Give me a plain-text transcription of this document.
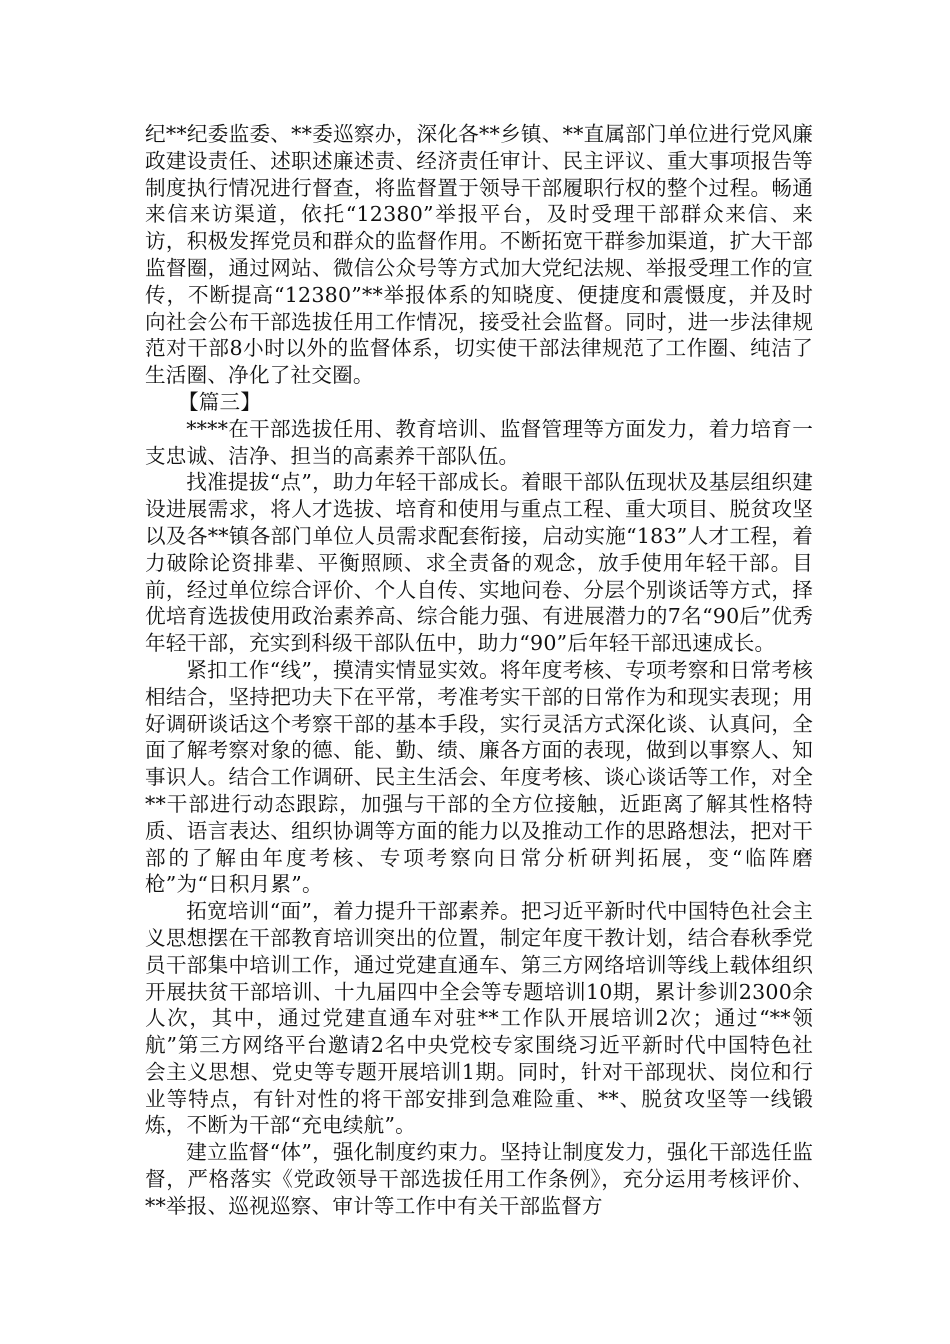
纪**纪委监委、**委巡察办，深化各**乡镇、**直属部门单位进行党风廉政建设责任、述职述廉述责、经济责任审计、民主评议、重大事项报告等制度执行情况进行督查，将监督置于领导干部履职行权的整个过程。畅通来信来访渠道，依托“12380”举报平台，及时受理干部群众来信、来访，积极发挥党员和群众的监督作用。不断拓宽干群参加渠道，扩大干部监督圈，通过网站、微信公众号等方式加大党纪法规、举报受理工作的宣传，不断提高“12380”**举报体系的知晓度、便捷度和震慑度，并及时向社会公布干部选拔任用工作情况，接受社会监督。同时，进一步法律规范对干部8小时以外的监督体系，切实使干部法律规范了工作圈、纯洁了生活圈、净化了社交圈。

【篇三】

****在干部选拔任用、教育培训、监督管理等方面发力，着力培育一支忠诚、洁净、担当的高素养干部队伍。

找准提拔“点”，助力年轻干部成长。着眼干部队伍现状及基层组织建设进展需求，将人才选拔、培育和使用与重点工程、重大项目、脱贫攻坚以及各**镇各部门单位人员需求配套衔接，启动实施“183”人才工程，着力破除论资排辈、平衡照顾、求全责备的观念，放手使用年轻干部。目前，经过单位综合评价、个人自传、实地问卷、分层个别谈话等方式，择优培育选拔使用政治素养高、综合能力强、有进展潜力的7名“90后”优秀年轻干部，充实到科级干部队伍中，助力“90”后年轻干部迅速成长。

紧扣工作“线”，摸清实情显实效。将年度考核、专项考察和日常考核相结合，坚持把功夫下在平常，考准考实干部的日常作为和现实表现；用好调研谈话这个考察干部的基本手段，实行灵活方式深化谈、认真问，全面了解考察对象的德、能、勤、绩、廉各方面的表现，做到以事察人、知事识人。结合工作调研、民主生活会、年度考核、谈心谈话等工作，对全**干部进行动态跟踪，加强与干部的全方位接触，近距离了解其性格特质、语言表达、组织协调等方面的能力以及推动工作的思路想法，把对干部的了解由年度考核、专项考察向日常分析研判拓展，变“临阵磨枪”为“日积月累”。

拓宽培训“面”，着力提升干部素养。把习近平新时代中国特色社会主义思想摆在干部教育培训突出的位置，制定年度干教计划，结合春秋季党员干部集中培训工作，通过党建直通车、第三方网络培训等线上载体组织开展扶贫干部培训、十九届四中全会等专题培训10期，累计参训2300余人次，其中，通过党建直通车对驻**工作队开展培训2次；通过“**领航”第三方网络平台邀请2名中央党校专家围绕习近平新时代中国特色社会主义思想、党史等专题开展培训1期。同时，针对干部现状、岗位和行业等特点，有针对性的将干部安排到急难险重、**、脱贫攻坚等一线锻炼，不断为干部“充电续航”。

建立监督“体”，强化制度约束力。坚持让制度发力，强化干部选任监督，严格落实《党政领导干部选拔任用工作条例》，充分运用考核评价、**举报、巡视巡察、审计等工作中有关干部监督方
